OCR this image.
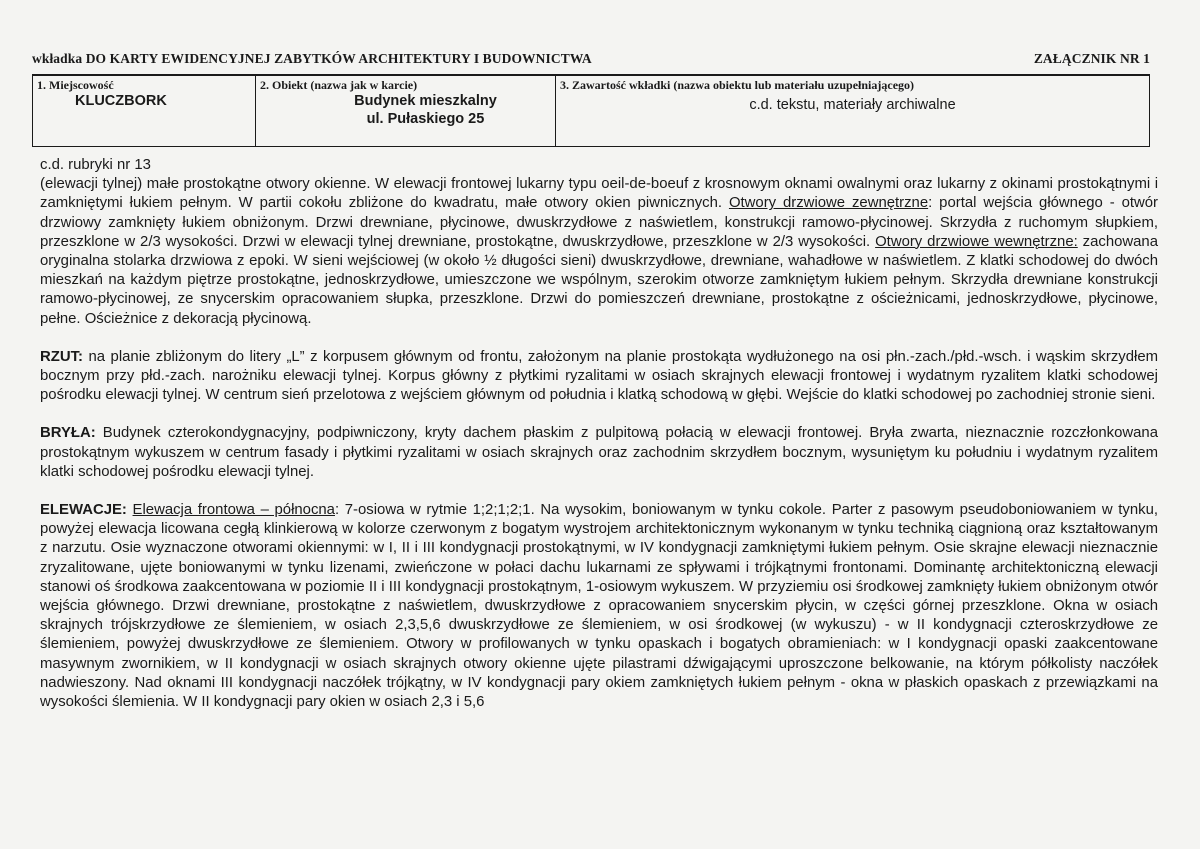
wkładka DO KARTY EWIDENCYJNEJ ZABYTKÓW ARCHITEKTURY I BUDOWNICTWA	ZAŁĄCZNIK NR 1
1. Miejscowość
KLUCZBORK
2. Obiekt (nazwa jak w karcie)
Budynek mieszkalny
ul. Pułaskiego 25
3. Zawartość wkładki (nazwa obiektu lub materiału uzupełniającego)
c.d. tekstu, materiały archiwalne

c.d. rubryki nr 13

(elewacji tylnej) małe prostokątne otwory okienne. W elewacji frontowej lukarny typu oeil-de-boeuf z krosnowym oknami owalnymi oraz lukarny z okinami prostokątnymi i zamkniętymi łukiem pełnym. W partii cokołu zbliżone do kwadratu, małe otwory okien piwnicznych. Otwory drzwiowe zewnętrzne: portal wejścia głównego - otwór drzwiowy zamknięty łukiem obniżonym. Drzwi drewniane, płycinowe, dwuskrzydłowe z naświetlem, konstrukcji ramowo-płycinowej. Skrzydła z ruchomym słupkiem, przeszklone w 2/3 wysokości. Drzwi w elewacji tylnej drewniane, prostokątne, dwuskrzydłowe, przeszklone w 2/3 wysokości. Otwory drzwiowe wewnętrzne: zachowana oryginalna stolarka drzwiowa z epoki. W sieni wejściowej (w około ½ długości sieni) dwuskrzydłowe, drewniane, wahadłowe w naświetlem. Z klatki schodowej do dwóch mieszkań na każdym piętrze prostokątne, jednoskrzydłowe, umieszczone we wspólnym, szerokim otworze zamkniętym łukiem pełnym. Skrzydła drewniane konstrukcji ramowo-płycinowej, ze snycerskim opracowaniem słupka, przeszklone. Drzwi do pomieszczeń drewniane, prostokątne z ościeżnicami, jednoskrzydłowe, płycinowe, pełne. Ościeżnice z dekoracją płycinową.

RZUT: na planie zbliżonym do litery „L” z korpusem głównym od frontu, założonym na planie prostokąta wydłużonego na osi płn.-zach./płd.-wsch. i wąskim skrzydłem bocznym przy płd.-zach. narożniku elewacji tylnej. Korpus główny z płytkimi ryzalitami w osiach skrajnych elewacji frontowej i wydatnym ryzalitem klatki schodowej pośrodku elewacji tylnej. W centrum sień przelotowa z wejściem głównym od południa i klatką schodową w głębi. Wejście do klatki schodowej po zachodniej stronie sieni.

BRYŁA: Budynek czterokondygnacyjny, podpiwniczony, kryty dachem płaskim z pulpitową połacią w elewacji frontowej. Bryła zwarta, nieznacznie rozczłonkowana prostokątnym wykuszem w centrum fasady i płytkimi ryzalitami w osiach skrajnych oraz zachodnim skrzydłem bocznym, wysuniętym ku południu i wydatnym ryzalitem klatki schodowej pośrodku elewacji tylnej.

ELEWACJE: Elewacja frontowa – północna: 7-osiowa w rytmie 1;2;1;2;1. Na wysokim, boniowanym w tynku cokole. Parter z pasowym pseudoboniowaniem w tynku, powyżej elewacja licowana cegłą klinkierową w kolorze czerwonym z bogatym wystrojem architektonicznym wykonanym w tynku techniką ciągnioną oraz kształtowanym z narzutu. Osie wyznaczone otworami okiennymi: w I, II i III kondygnacji prostokątnymi, w IV kondygnacji zamkniętymi łukiem pełnym. Osie skrajne elewacji nieznacznie zryzalitowane, ujęte boniowanymi w tynku lizenami, zwieńczone w połaci dachu lukarnami ze spływami i trójkątnymi frontonami. Dominantę architektoniczną elewacji stanowi oś środkowa zaakcentowana w poziomie II i III kondygnacji prostokątnym, 1-osiowym wykuszem. W przyziemiu osi środkowej zamknięty łukiem obniżonym otwór wejścia głównego. Drzwi drewniane, prostokątne z naświetlem, dwuskrzydłowe z opracowaniem snycerskim płycin, w części górnej przeszklone. Okna w osiach skrajnych trójskrzydłowe ze ślemieniem, w osiach 2,3,5,6 dwuskrzydłowe ze ślemieniem, w osi środkowej (w wykuszu) - w II kondygnacji czteroskrzydłowe ze ślemieniem, powyżej dwuskrzydłowe ze ślemieniem. Otwory w profilowanych w tynku opaskach i bogatych obramieniach: w I kondygnacji opaski zaakcentowane masywnym zwornikiem, w II kondygnacji w osiach skrajnych otwory okienne ujęte pilastrami dźwigającymi uproszczone belkowanie, na którym półkolisty naczółek nadwieszony. Nad oknami III kondygnacji naczółek trójkątny, w IV kondygnacji pary okiem zamkniętych łukiem pełnym - okna w płaskich opaskach z przewiązkami na wysokości ślemienia. W II kondygnacji pary okien w osiach 2,3 i 5,6
